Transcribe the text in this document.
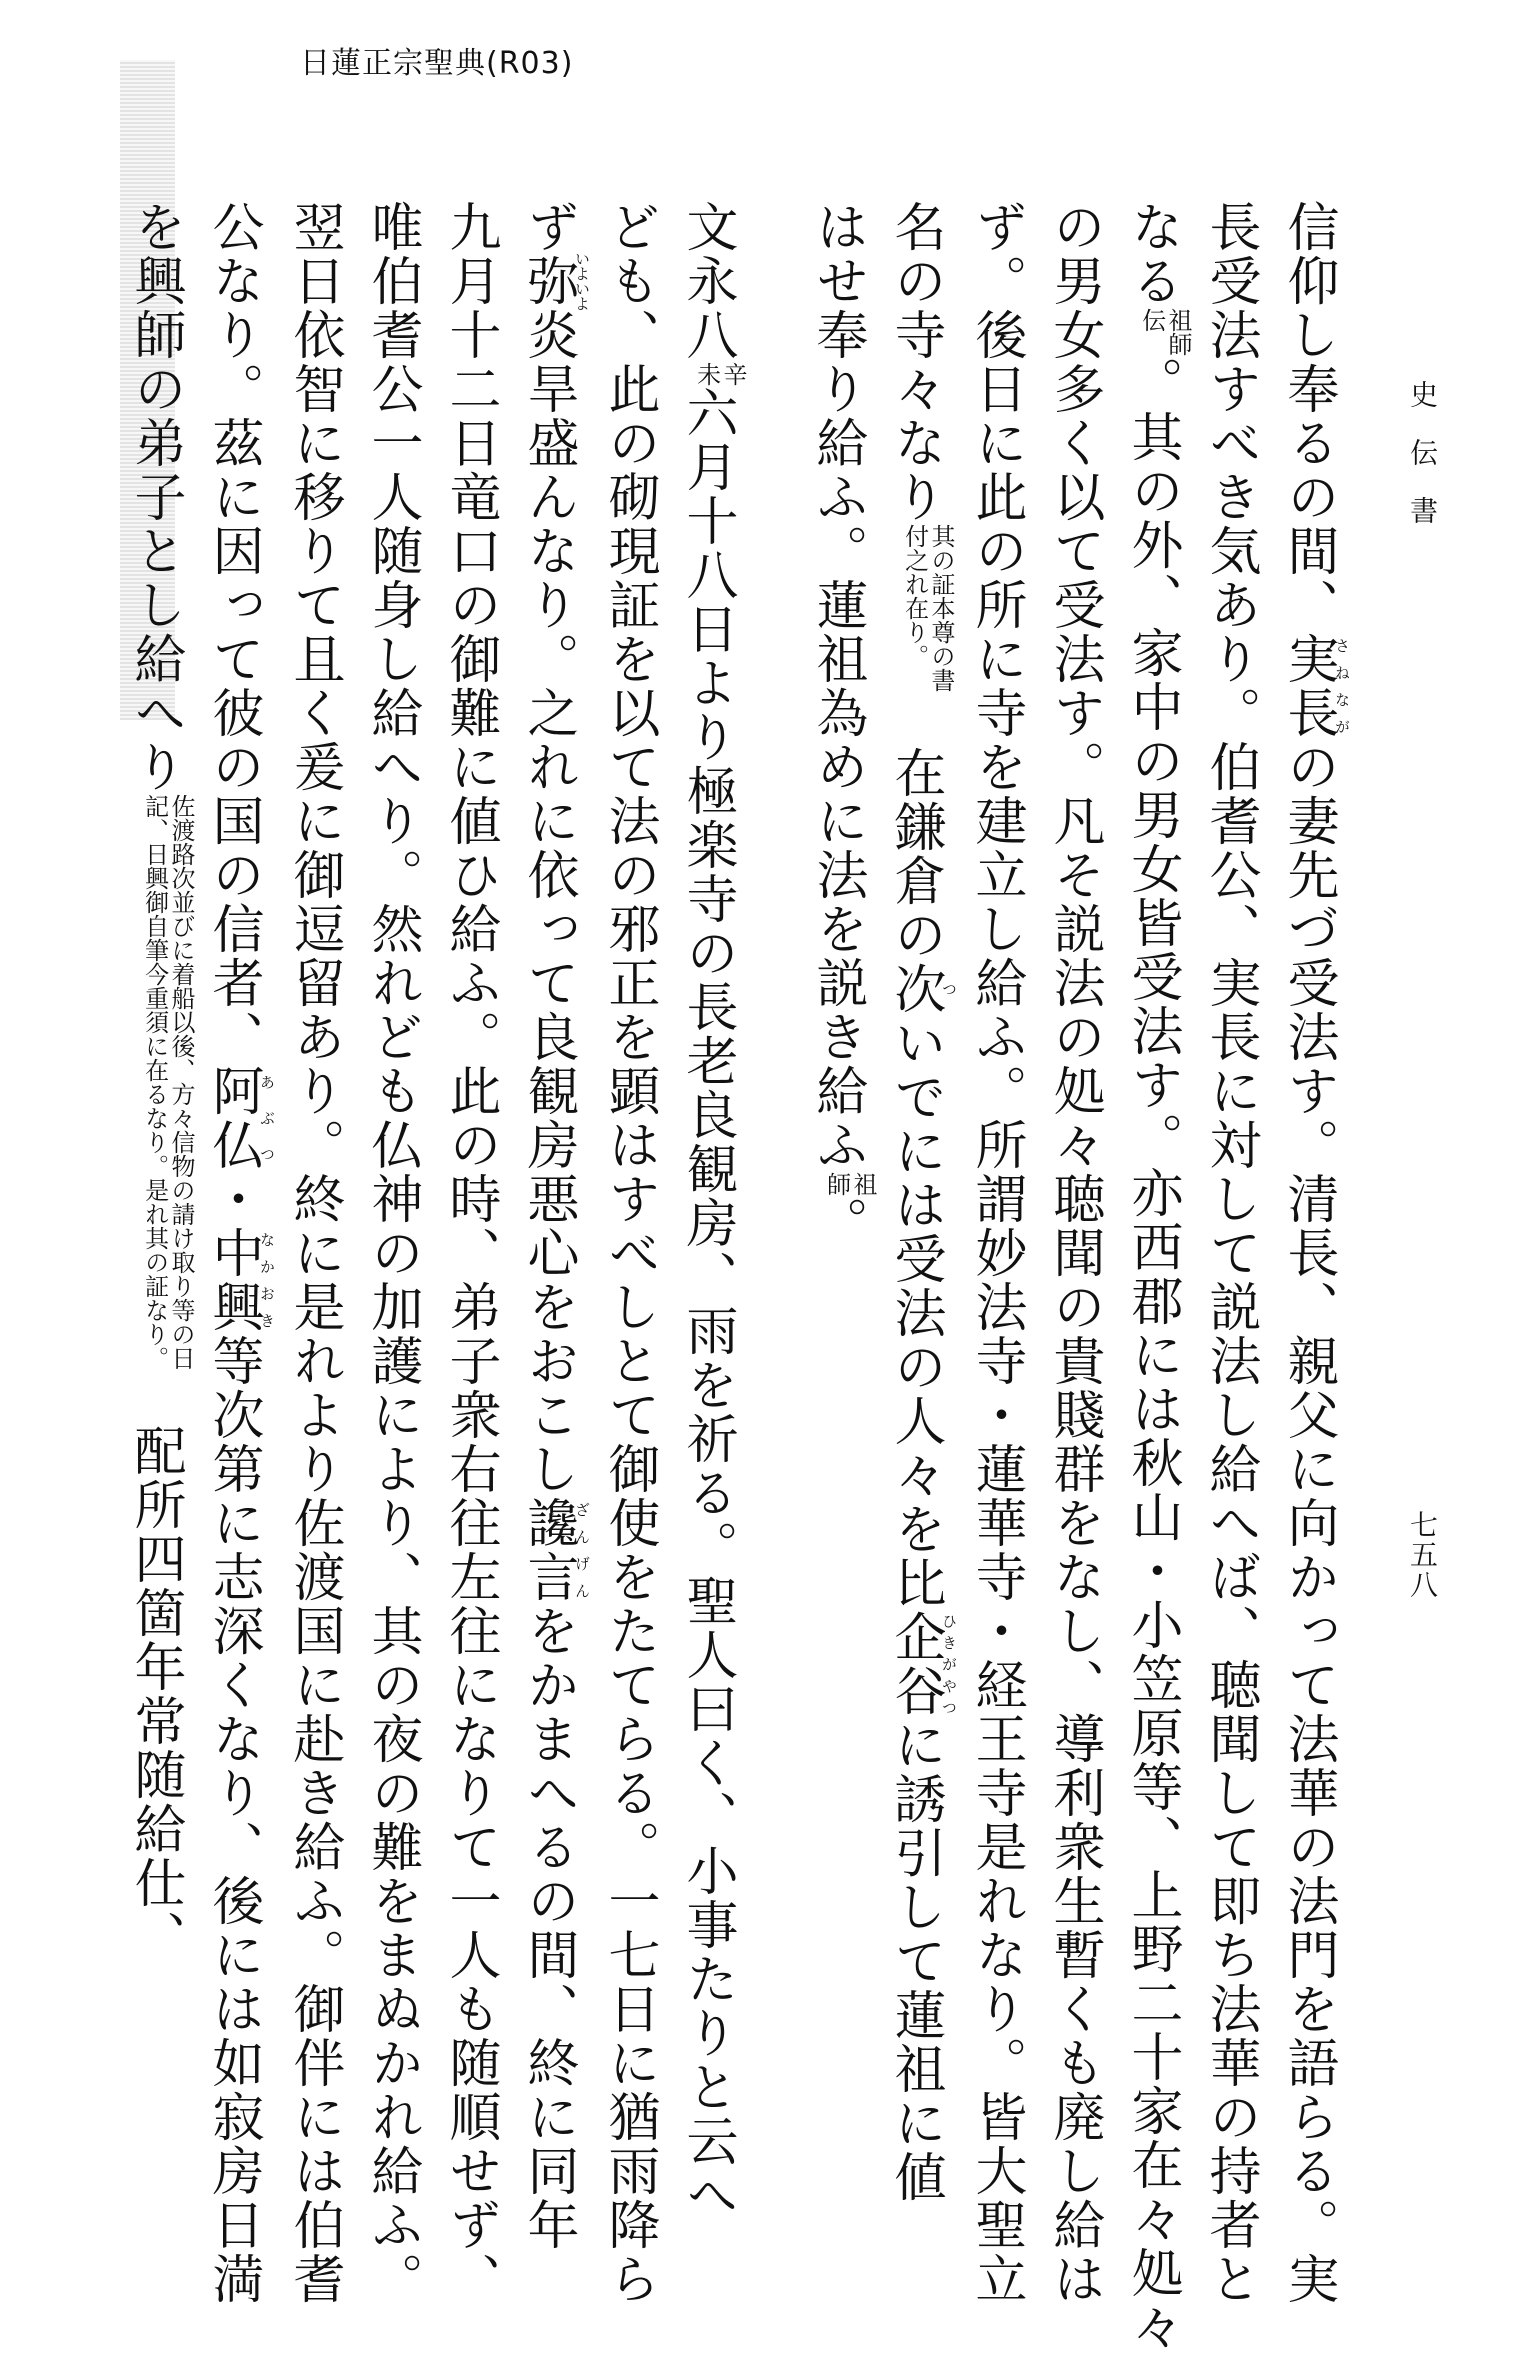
日蓮正宗聖典(R03)
史伝書
七五八
信仰し奉るの間、実長さねながの妻先づ受法す。清長、親父に向かって法華の法門を語らる。実
長受法すべき気あり。伯耆公、実長に対して説法し給へば、聴聞して即ち法華の持者と
なる
祖師
伝
。其の外、家中の男女皆受法す。亦西郡には秋山・小笠原等、上野二十家在々処々
の男女多く以て受法す。凡そ説法の処々聴聞の貴賤群をなし、導利衆生暫くも廃し給は
ず。後日に此の所に寺を建立し給ふ。所謂妙法寺・蓮華寺・経王寺是れなり。皆大聖立
名の寺々なり
其の証本尊の書
付之れ在り。
　在鎌倉の次ついでには受法の人々を比企谷ひきがやつに誘引して蓮祖に値
はせ奉り給ふ。蓮祖為めに法を説き給ふ
祖
師
。
文永八
辛
未
六月十八日より極楽寺の長老良観房、雨を祈る。聖人曰く、小事たりと云へ
ども、此の砌現証を以て法の邪正を顕はすべしとて御使をたてらる。一七日に猶雨降ら
ず弥いよいよ炎旱盛んなり。之れに依って良観房悪心をおこし讒言ざんげんをかまへるの間、終に同年
九月十二日竜口の御難に値ひ給ふ。此の時、弟子衆右往左往になりて一人も随順せず、
唯伯耆公一人随身し給へり。然れども仏神の加護により、其の夜の難をまぬかれ給ふ。
翌日依智に移りて且く爰に御逗留あり。終に是れより佐渡国に赴き給ふ。御伴には伯耆
公なり。茲に因って彼の国の信者、阿仏あぶつ・中興なかおき等次第に志深くなり、後には如寂房日満
を興師の弟子とし給へり
佐渡路次並びに着船以後、方々信物の請け取り等の日
記、日興御自筆今重須に在るなり。是れ其の証なり。
　配所四箇年常随給仕、
